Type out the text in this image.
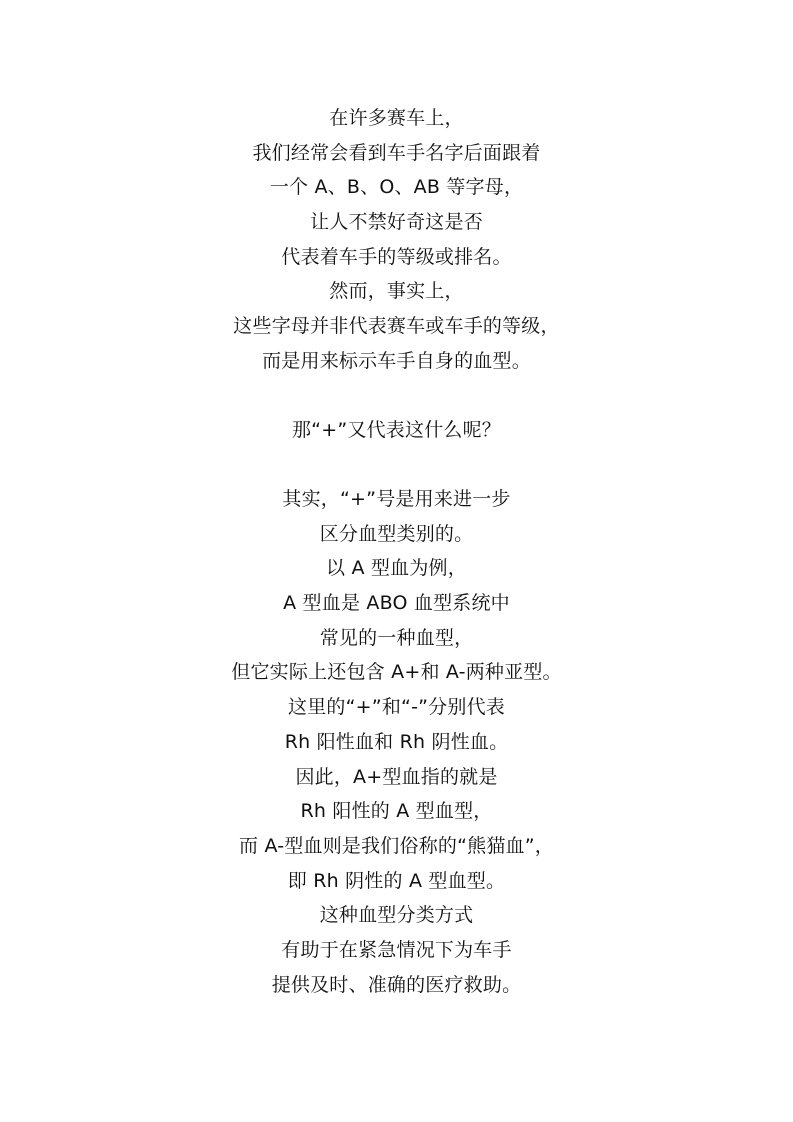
在许多赛车上，
我们经常会看到车手名字后面跟着
一个 A、B、O、AB 等字母，
让人不禁好奇这是否
代表着车手的等级或排名。
然而，事实上，
这些字母并非代表赛车或车手的等级，
而是用来标示车手自身的血型。
那“+”又代表这什么呢？
其实，“+”号是用来进一步
区分血型类别的。
以 A 型血为例，
A 型血是 ABO 血型系统中
常见的一种血型，
但它实际上还包含 A+和 A-两种亚型。
这里的“+”和“-”分别代表
Rh 阳性血和 Rh 阴性血。
因此，A+型血指的就是
Rh 阳性的 A 型血型，
而 A-型血则是我们俗称的“熊猫血”，
即 Rh 阴性的 A 型血型。
这种血型分类方式
有助于在紧急情况下为车手
提供及时、准确的医疗救助。
